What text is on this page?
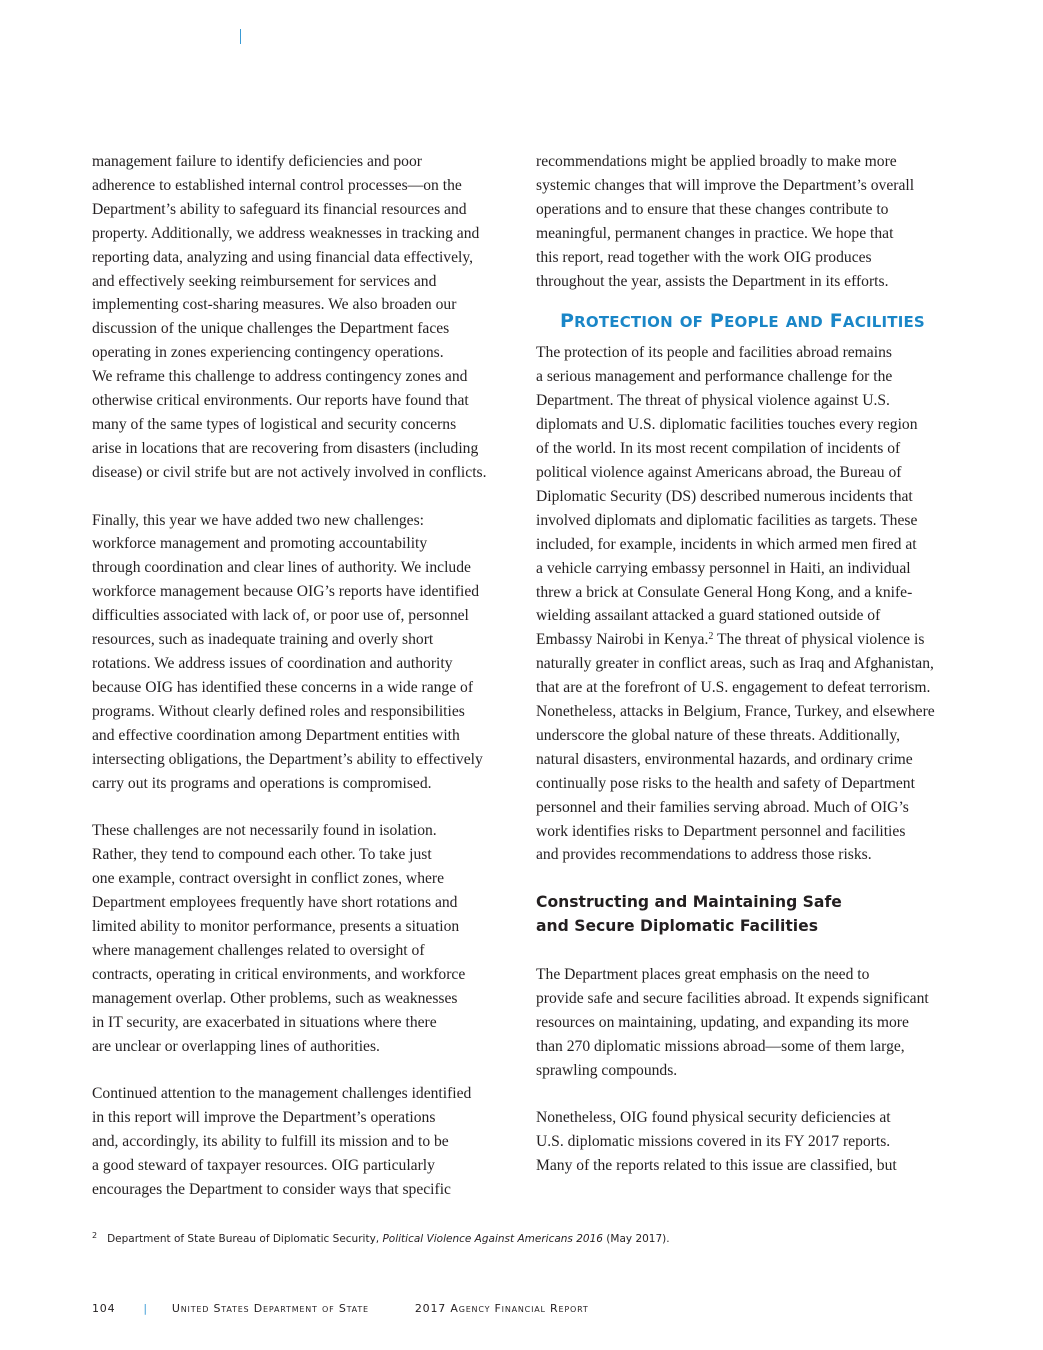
management failure to identify deficiencies and poor
adherence to established internal control processes—on the
Department’s ability to safeguard its financial resources and
property. Additionally, we address weaknesses in tracking and
reporting data, analyzing and using financial data effectively,
and effectively seeking reimbursement for services and
implementing cost-sharing measures. We also broaden our
discussion of the unique challenges the Department faces
operating in zones experiencing contingency operations.
We reframe this challenge to address contingency zones and
otherwise critical environments. Our reports have found that
many of the same types of logistical and security concerns
arise in locations that are recovering from disasters (including
disease) or civil strife but are not actively involved in conflicts.

Finally, this year we have added two new challenges:
workforce management and promoting accountability
through coordination and clear lines of authority. We include
workforce management because OIG’s reports have identified
difficulties associated with lack of, or poor use of, personnel
resources, such as inadequate training and overly short
rotations. We address issues of coordination and authority
because OIG has identified these concerns in a wide range of
programs. Without clearly defined roles and responsibilities
and effective coordination among Department entities with
intersecting obligations, the Department’s ability to effectively
carry out its programs and operations is compromised.

These challenges are not necessarily found in isolation.
Rather, they tend to compound each other. To take just
one example, contract oversight in conflict zones, where
Department employees frequently have short rotations and
limited ability to monitor performance, presents a situation
where management challenges related to oversight of
contracts, operating in critical environments, and workforce
management overlap. Other problems, such as weaknesses
in IT security, are exacerbated in situations where there
are unclear or overlapping lines of authorities.

Continued attention to the management challenges identified
in this report will improve the Department’s operations
and, accordingly, its ability to fulfill its mission and to be
a good steward of taxpayer resources. OIG particularly
encourages the Department to consider ways that specific

recommendations might be applied broadly to make more
systemic changes that will improve the Department’s overall
operations and to ensure that these changes contribute to
meaningful, permanent changes in practice. We hope that
this report, read together with the work OIG produces
throughout the year, assists the Department in its efforts.

PROTECTION OF PEOPLE AND FACILITIES

The protection of its people and facilities abroad remains
a serious management and performance challenge for the
Department. The threat of physical violence against U.S.
diplomats and U.S. diplomatic facilities touches every region
of the world. In its most recent compilation of incidents of
political violence against Americans abroad, the Bureau of
Diplomatic Security (DS) described numerous incidents that
involved diplomats and diplomatic facilities as targets. These
included, for example, incidents in which armed men fired at
a vehicle carrying embassy personnel in Haiti, an individual
threw a brick at Consulate General Hong Kong, and a knife-
wielding assailant attacked a guard stationed outside of
Embassy Nairobi in Kenya.$^2$ The threat of physical violence is
naturally greater in conflict areas, such as Iraq and Afghanistan,
that are at the forefront of U.S. engagement to defeat terrorism.
Nonetheless, attacks in Belgium, France, Turkey, and elsewhere
underscore the global nature of these threats. Additionally,
natural disasters, environmental hazards, and ordinary crime
continually pose risks to the health and safety of Department
personnel and their families serving abroad. Much of OIG’s
work identifies risks to Department personnel and facilities
and provides recommendations to address those risks.

Constructing and Maintaining Safe
and Secure Diplomatic Facilities

The Department places great emphasis on the need to
provide safe and secure facilities abroad. It expends significant
resources on maintaining, updating, and expanding its more
than 270 diplomatic missions abroad—some of them large,
sprawling compounds.

Nonetheless, OIG found physical security deficiencies at
U.S. diplomatic missions covered in its FY 2017 reports.
Many of the reports related to this issue are classified, but

$^2$ Department of State Bureau of Diplomatic Security, Political Violence Against Americans 2016 (May 2017).
104	| United States Department of State	2017 Agency Financial Report
